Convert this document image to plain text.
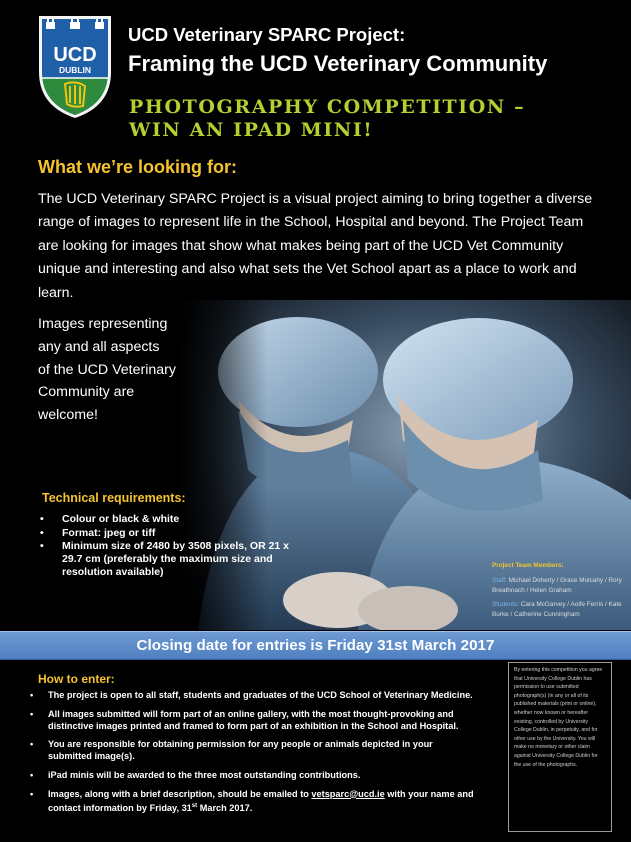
UCD
DUBLIN
UCD Veterinary SPARC Project:
Framing the UCD Veterinary Community
PHOTOGRAPHY COMPETITION –
WIN AN IPAD MINI!
What we’re looking for:

The UCD Veterinary SPARC Project is a visual project aiming to bring together a diverse range of images to represent life in the School, Hospital and beyond. The Project Team are looking for images that show what makes being part of the UCD Vet Community unique and interesting and also what sets the Vet School apart as a place to work and learn.

Images representing
any and all aspects
of the UCD Veterinary
Community are
welcome!
Technical requirements:
• Colour or black & white
• Format: jpeg or tiff
• Minimum size of 2480 by 3508 pixels, OR 21 x 29.7 cm (preferably the maximum size and resolution available)
Project Team Members:
Staff: Michael Doherty / Grace Mulcahy / Rory Breathnach / Helen Graham
Students: Cara McGarvey / Aoife Ferris / Kate Burke / Catherine Cunningham
Closing date for entries is Friday 31st March 2017
How to enter:
• The project is open to all staff, students and graduates of the UCD School of Veterinary Medicine.
• All images submitted will form part of an online gallery, with the most thought-provoking and distinctive images printed and framed to form part of an exhibition in the School and Hospital.
• You are responsible for obtaining permission for any people or animals depicted in your submitted image(s).
• iPad minis will be awarded to the three most outstanding contributions.
• Images, along with a brief description, should be emailed to vetsparc@ucd.ie with your name and contact information by Friday, 31st March 2017.
By entering this competition you agree that University College Dublin has permission to use submitted photograph(s) (in any or all of its published materials (print or online), whether now known or hereafter existing, controlled by University College Dublin, in perpetuity, and for other use by the University. You will make no monetary or other claim against University College Dublin for the use of the photographs.
